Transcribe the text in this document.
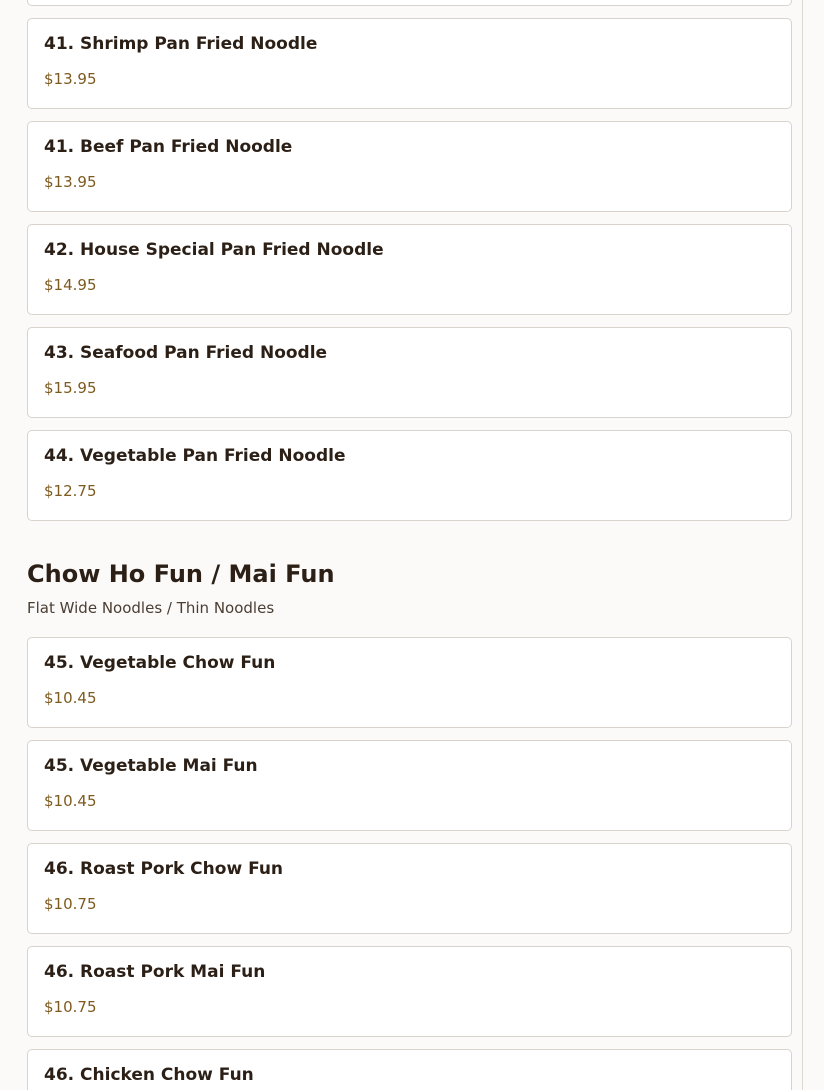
41. Shrimp Pan Fried Noodle
$13.95
41. Beef Pan Fried Noodle
$13.95
42. House Special Pan Fried Noodle
$14.95
43. Seafood Pan Fried Noodle
$15.95
44. Vegetable Pan Fried Noodle
$12.75
Chow Ho Fun / Mai Fun

Flat Wide Noodles / Thin Noodles

45. Vegetable Chow Fun
$10.45
45. Vegetable Mai Fun
$10.45
46. Roast Pork Chow Fun
$10.75
46. Roast Pork Mai Fun
$10.75
46. Chicken Chow Fun
